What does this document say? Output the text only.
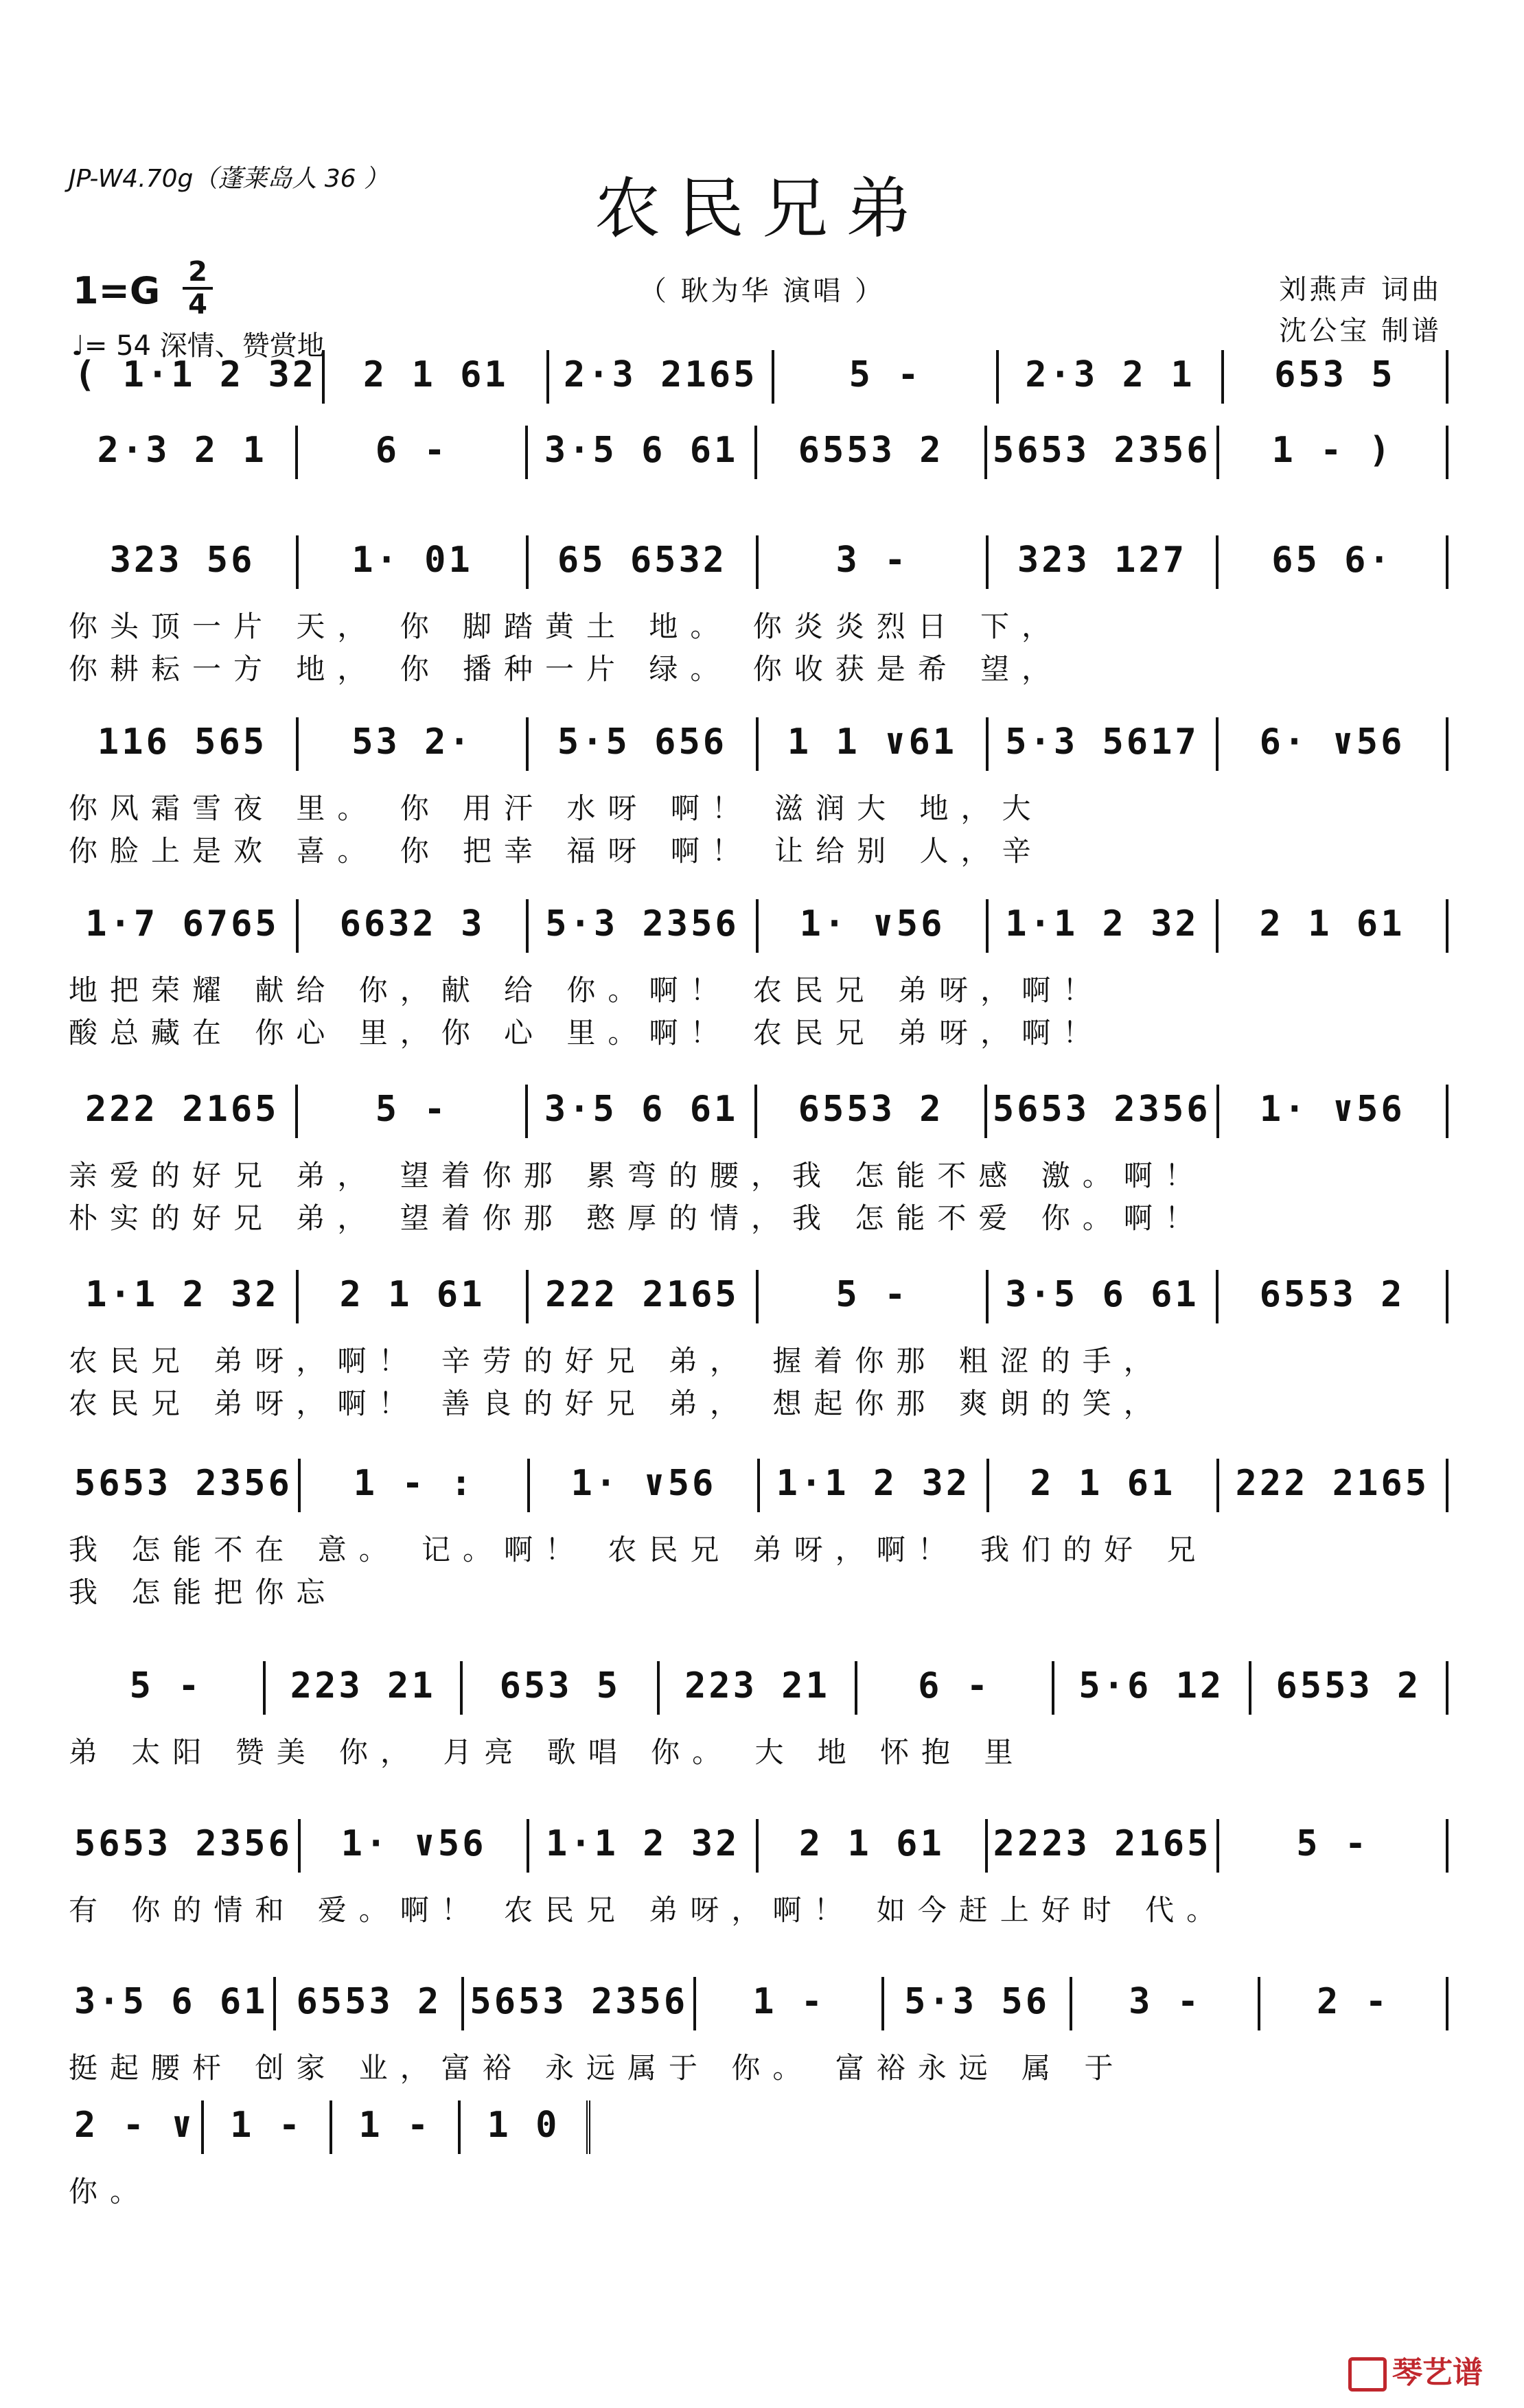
JP-W4.70g（蓬莱岛人 36 ）	农民兄弟
1=G 2
4
♩= 54 深情、赞赏地
（ 耿为华 演唱 ）	刘燕声 词曲
沈公宝 制谱
( 1·1 2 32	2 1 61	2·3 2165	5 -	2·3 2 1	653 5
2·3 2 1	6 -	3·5 6 61	6553 2	5653 2356	1 - )
323 56	1· 01	65 6532	3 -	323 127	65 6·
你头顶一片 天， 你 脚踏黄土 地。 你炎炎烈日 下，
你耕耘一方 地， 你 播种一片 绿。 你收获是希 望，
116 565	53 2·	5·5 656	1 1 ∨61	5·3 5617	6· ∨56
你风霜雪夜 里。 你 用汗 水呀 啊！ 滋润大 地，大
你脸上是欢 喜。 你 把幸 福呀 啊！ 让给别 人，辛
1·7 6765	6632 3	5·3 2356	1· ∨56	1·1 2 32	2 1 61
地把荣耀 献给 你，献 给 你。啊！ 农民兄 弟呀，啊！
酸总藏在 你心 里，你 心 里。啊！ 农民兄 弟呀，啊！
222 2165	5 -	3·5 6 61	6553 2	5653 2356	1· ∨56
亲爱的好兄 弟， 望着你那 累弯的腰，我 怎能不感 激。啊！
朴实的好兄 弟， 望着你那 憨厚的情，我 怎能不爱 你。啊！
1·1 2 32	2 1 61	222 2165	5 -	3·5 6 61	6553 2
农民兄 弟呀，啊！ 辛劳的好兄 弟， 握着你那 粗涩的手，
农民兄 弟呀，啊！ 善良的好兄 弟， 想起你那 爽朗的笑，
5653 2356	1 - :	1· ∨56	1·1 2 32	2 1 61	222 2165
我 怎能不在 意。 记。啊！ 农民兄 弟呀，啊！ 我们的好 兄
我 怎能把你忘
5 -	223 21	653 5	223 21	6 -	5·6 12	6553 2
弟 太阳 赞美 你， 月亮 歌唱 你。 大 地 怀抱 里
5653 2356	1· ∨56	1·1 2 32	2 1 61	2223 2165	5 -
有 你的情和 爱。啊！ 农民兄 弟呀，啊！ 如今赶上好时 代。
3·5 6 61 6553 2 5653 2356	1 -	5·3 56	3 -	2 -
挺起腰杆 创家 业，富裕 永远属于 你。 富裕永远 属 于
2 - ∨ 1 -	1 -	1 0
你。
琴艺谱
